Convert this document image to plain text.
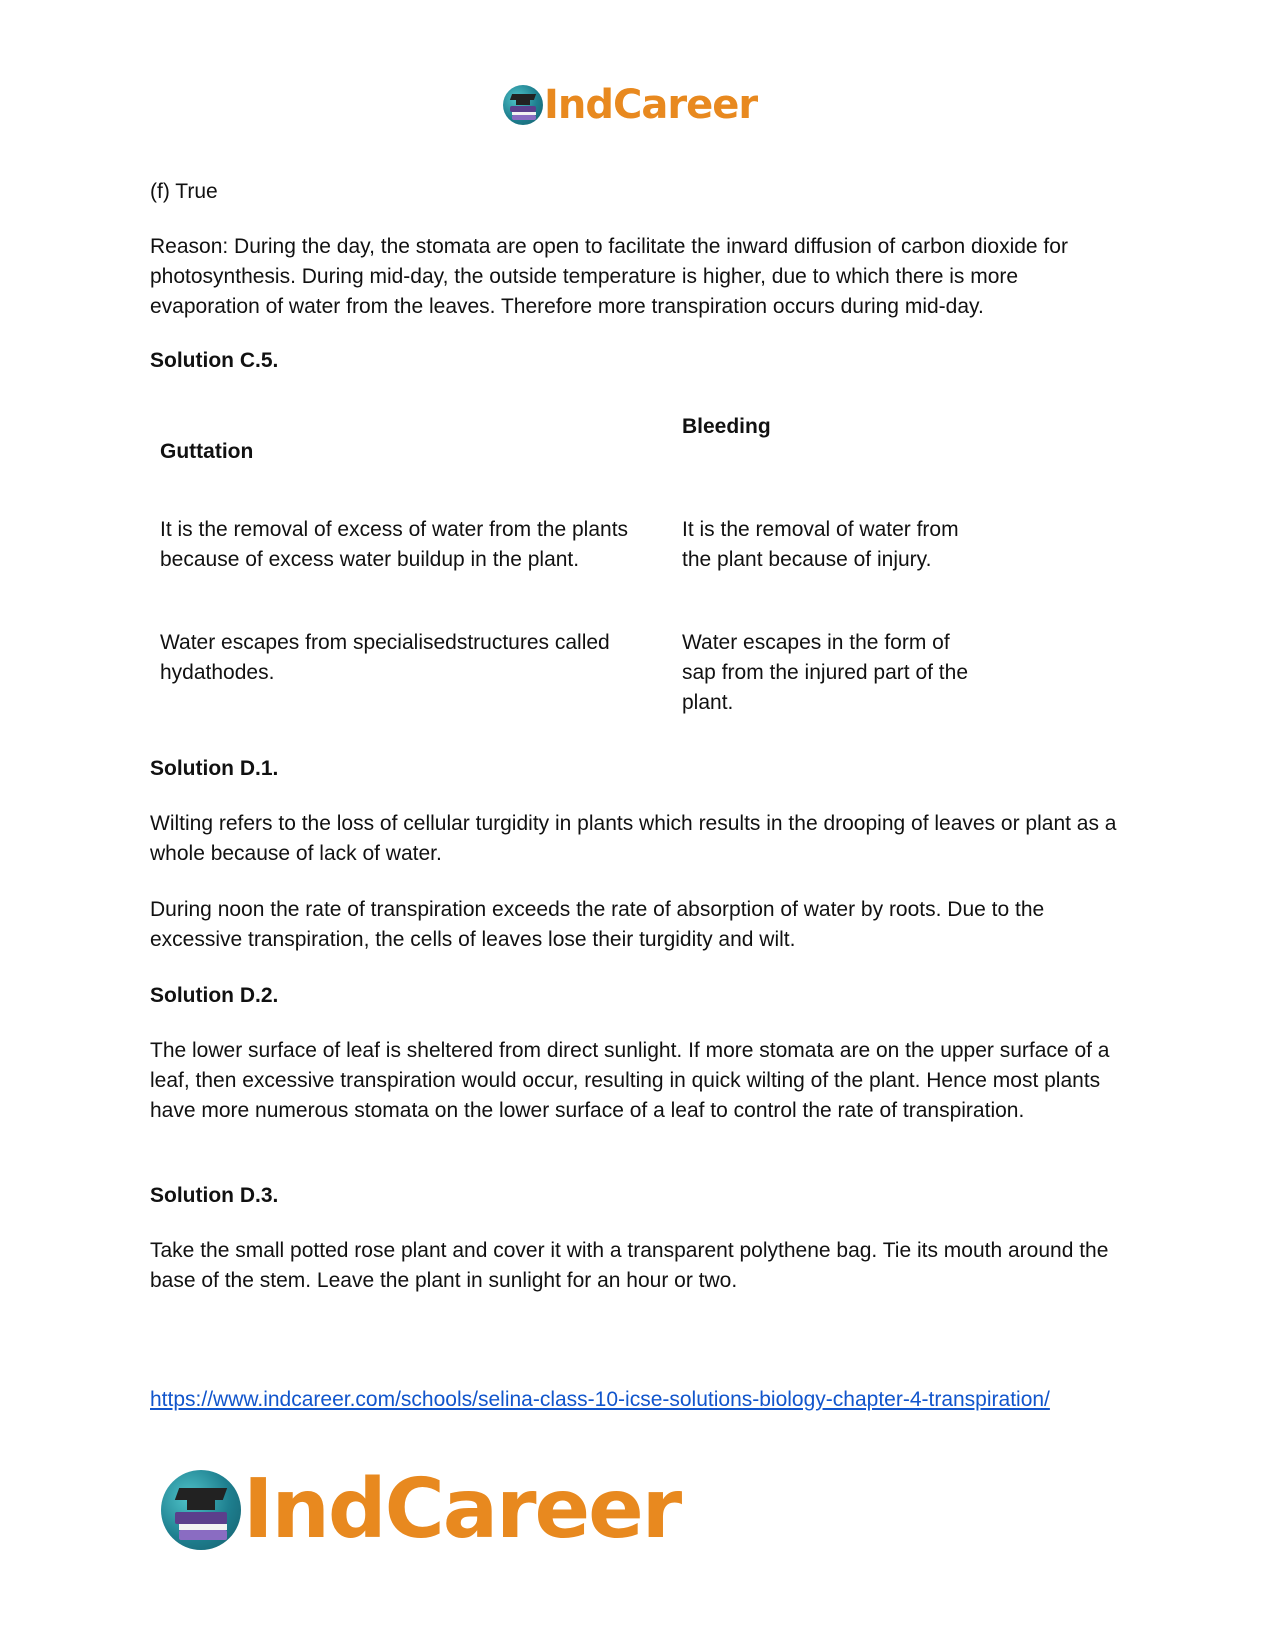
IndCareer

(f) True

Reason: During the day, the stomata are open to facilitate the inward diffusion of carbon dioxide for photosynthesis. During mid-day, the outside temperature is higher, due to which there is more evaporation of water from the leaves. Therefore more transpiration occurs during mid-day.

Solution C.5.

Guttation

Bleeding

It is the removal of excess of water from the plants because of excess water buildup in the plant.

It is the removal of water from the plant because of injury.

Water escapes from specialisedstructures called hydathodes.

Water escapes in the form of sap from the injured part of the plant.

Solution D.1.

Wilting refers to the loss of cellular turgidity in plants which results in the drooping of leaves or plant as a whole because of lack of water.

During noon the rate of transpiration exceeds the rate of absorption of water by roots. Due to the excessive transpiration, the cells of leaves lose their turgidity and wilt.

Solution D.2.

The lower surface of leaf is sheltered from direct sunlight. If more stomata are on the upper surface of a leaf, then excessive transpiration would occur, resulting in quick wilting of the plant. Hence most plants have more numerous stomata on the lower surface of a leaf to control the rate of transpiration.

Solution D.3.

Take the small potted rose plant and cover it with a transparent polythene bag. Tie its mouth around the base of the stem. Leave the plant in sunlight for an hour or two.

https://www.indcareer.com/schools/selina-class-10-icse-solutions-biology-chapter-4-transpiration/
IndCareer
